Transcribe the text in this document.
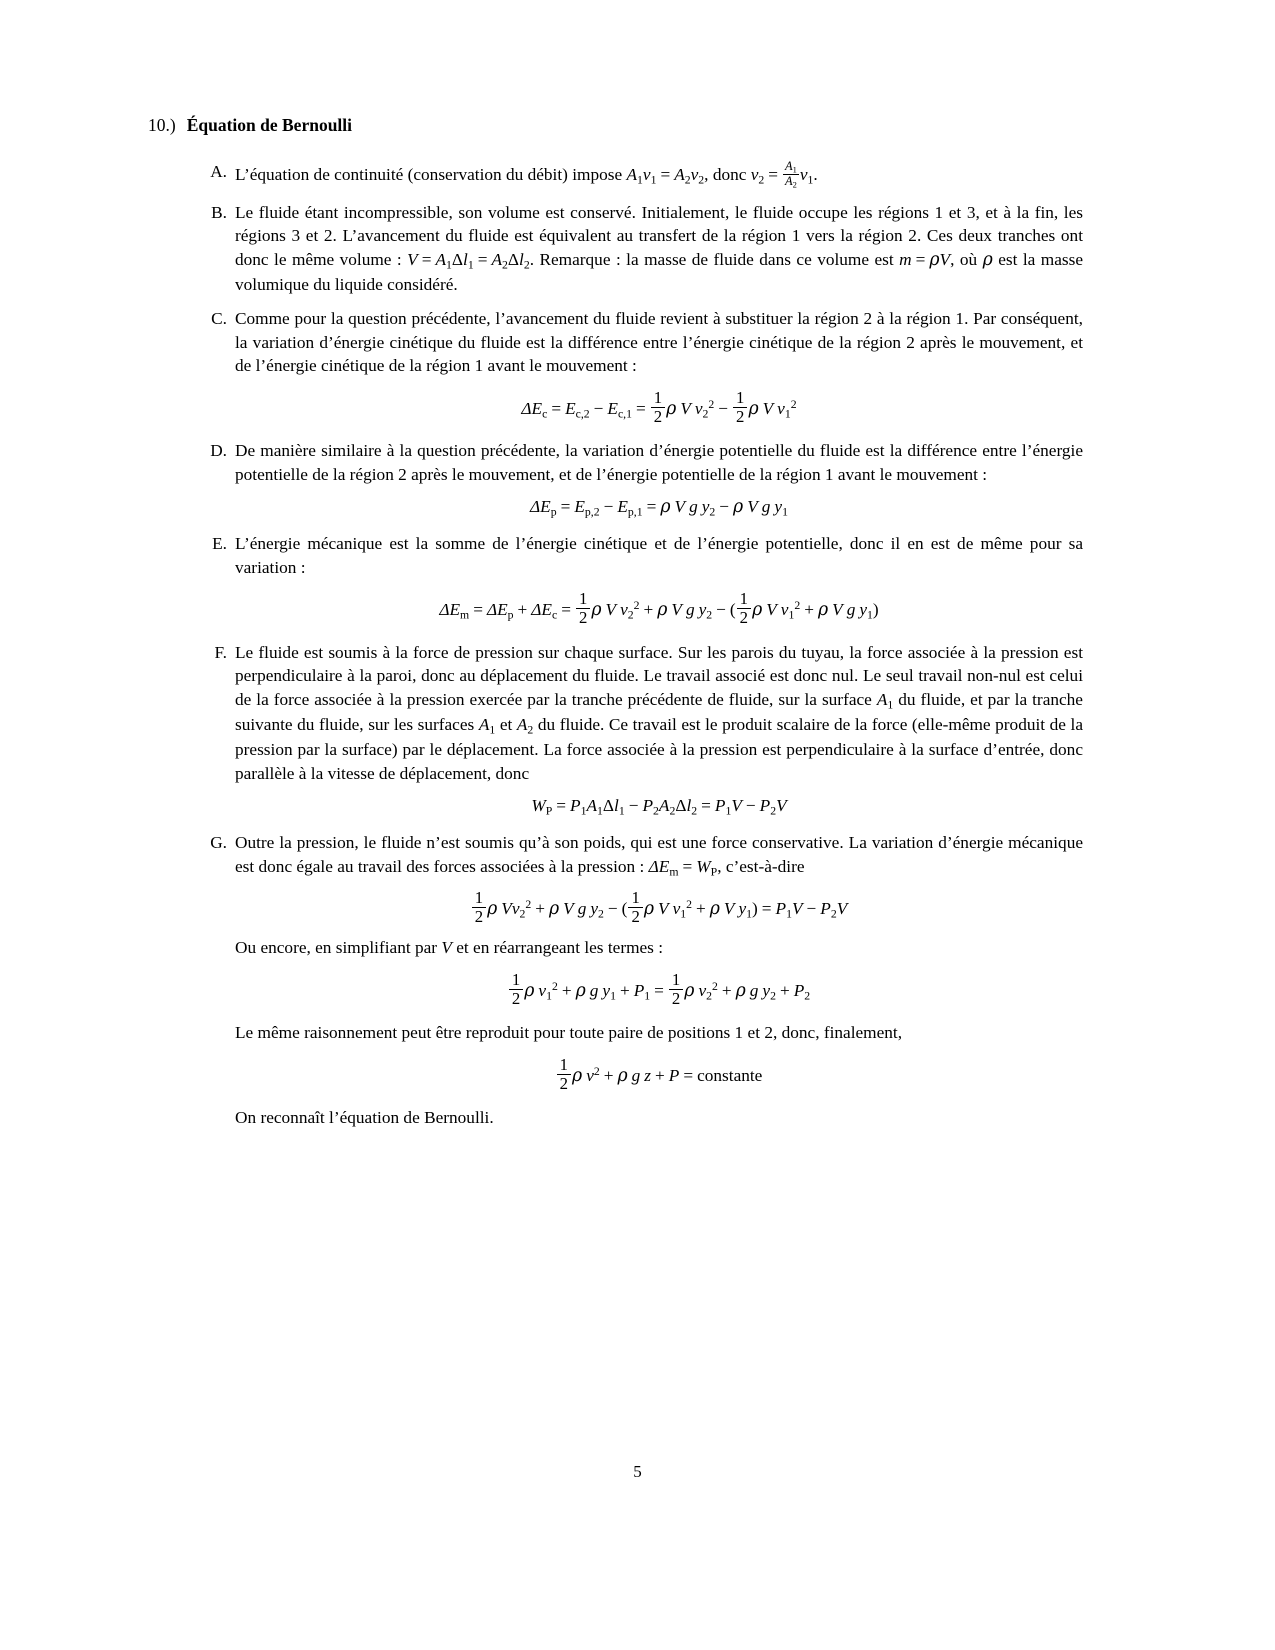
10.) Équation de Bernoulli
A. L’équation de continuité (conservation du débit) impose $A_1v_1 = A_2v_2$, donc $v_2 = \frac{A_1}{A_2} v_1$.

B. Le fluide étant incompressible, son volume est conservé. Initialement, le fluide occupe les régions 1 et 3, et à la fin, les régions 3 et 2. L’avancement du fluide est équivalent au transfert de la région 1 vers la région 2. Ces deux tranches ont donc le même volume : $V = A_1\Delta l_1 = A_2\Delta l_2$. Remarque : la masse de fluide dans ce volume est m = ρV, où ρ est la masse volumique du liquide considéré.

C. Comme pour la question précédente, l’avancement du fluide revient à substituer la région 2 à la région 1. Par conséquent, la variation d’énergie cinétique du fluide est la différence entre l’énergie cinétique de la région 2 après le mouvement, et de l’énergie cinétique de la région 1 avant le mouvement :

$\Delta E_c = E_{c,2} - E_{c,1} = \frac{1}{2}$ ρ V $v_2^2 - \frac{1}{2}$ ρ V $v_1^2$
D. De manière similaire à la question précédente, la variation d’énergie potentielle du fluide est la différence entre l’énergie potentielle de la région 2 après le mouvement, et de l’énergie potentielle de la région 1 avant le mouvement :

$\Delta E_p = E_{p,2} - E_{p,1} = \rho$ V g $y_2 - \rho$ V g $y_1$
E. L’énergie mécanique est la somme de l’énergie cinétique et de l’énergie potentielle, donc il en est de même pour sa variation :

$\Delta E_m = \Delta E_p + \Delta E_c = \frac{1}{2}$ ρ V $v_2^2 + \rho$ V g $y_2$ − ( $\frac{1}{2}$ ρ V $v_1^2 + \rho$ V g $y_1$)
F. Le fluide est soumis à la force de pression sur chaque surface. Sur les parois du tuyau, la force associée à la pression est perpendiculaire à la paroi, donc au déplacement du fluide. Le travail associé est donc nul. Le seul travail non-nul est celui de la force associée à la pression exercée par la tranche précédente de fluide, sur la surface $A_1$ du fluide, et par la tranche suivante du fluide, sur les surfaces $A_1$ et $A_2$ du fluide. Ce travail est le produit scalaire de la force (elle-même produit de la pression par la surface) par le déplacement. La force associée à la pression est perpendiculaire à la surface d’entrée, donc parallèle à la vitesse de déplacement, donc

$W_P = P_1A_1\Delta l_1 - P_2A_2\Delta l_2 = P_1V - P_2V$
G. Outre la pression, le fluide n’est soumis qu’à son poids, qui est une force conservative. La variation d’énergie mécanique est donc égale au travail des forces associées à la pression : $\Delta E_m = W_P$, c’est-à-dire

$\frac{1}{2}$ ρ $Vv_2^2 + \rho$ V g $y_2$ − ( $\frac{1}{2}$ ρ V $v_1^2 + \rho$ V $y_1) = P_1V - P_2V$

Ou encore, en simplifiant par V et en réarrangeant les termes :

$\frac{1}{2}$ ρ $v_1^2 + \rho$ g $y_1 + P_1 = \frac{1}{2}$ ρ $v_2^2 + \rho$ g $y_2 + P_2$

Le même raisonnement peut être reproduit pour toute paire de positions 1 et 2, donc, finalement,

$\frac{1}{2}$ ρ $v^2 + \rho$ g z + P = constante

On reconnaît l’équation de Bernoulli.

5
